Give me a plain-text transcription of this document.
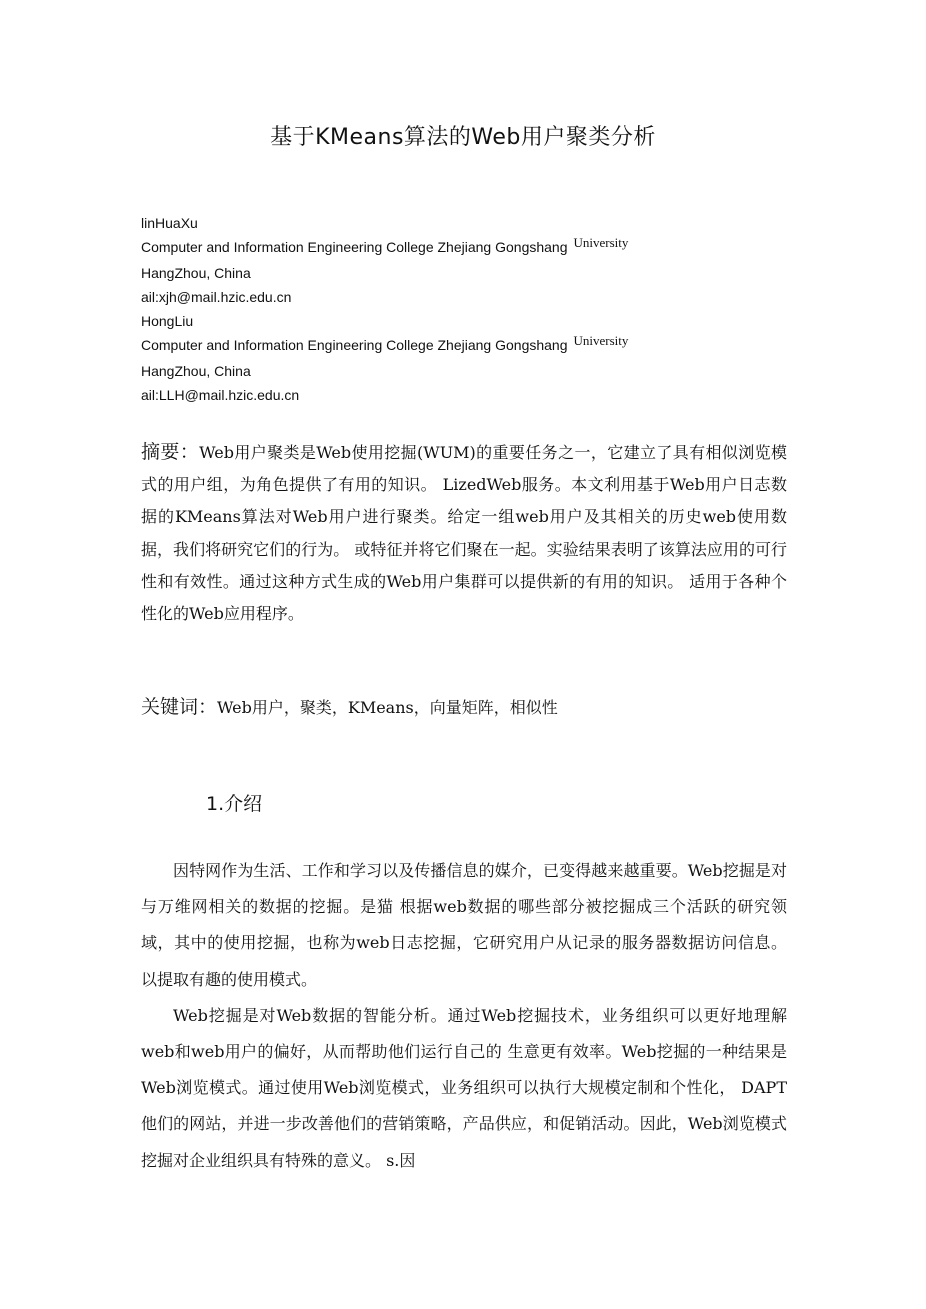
基于KMeans算法的Web用户聚类分析
linHuaXu
Computer and Information Engineering College Zhejiang Gongshang University
HangZhou, China
ail:xjh@mail.hzic.edu.cn
HongLiu
Computer and Information Engineering College Zhejiang Gongshang University
HangZhou, China
ail:LLH@mail.hzic.edu.cn
摘要：Web用户聚类是Web使用挖掘(WUM)的重要任务之一，它建立了具有相似浏览模式的用户组，为角色提供了有用的知识。 LizedWeb服务。本文利用基于Web用户日志数据的KMeans算法对Web用户进行聚类。给定一组web用户及其相关的历史web使用数据，我们将研究它们的行为。 或特征并将它们聚在一起。实验结果表明了该算法应用的可行性和有效性。通过这种方式生成的Web用户集群可以提供新的有用的知识。 适用于各种个性化的Web应用程序。
关键词：Web用户，聚类，KMeans，向量矩阵，相似性
1.介绍

因特网作为生活、工作和学习以及传播信息的媒介，已变得越来越重要。Web挖掘是对与万维网相关的数据的挖掘。是猫 根据web数据的哪些部分被挖掘成三个活跃的研究领域，其中的使用挖掘，也称为web日志挖掘，它研究用户从记录的服务器数据访问信息。 以提取有趣的使用模式。

Web挖掘是对Web数据的智能分析。通过Web挖掘技术，业务组织可以更好地理解web和web用户的偏好，从而帮助他们运行自己的 生意更有效率。Web挖掘的一种结果是Web浏览模式。通过使用Web浏览模式，业务组织可以执行大规模定制和个性化， DAPT他们的网站，并进一步改善他们的营销策略，产品供应，和促销活动。因此，Web浏览模式挖掘对企业组织具有特殊的意义。 s.因
